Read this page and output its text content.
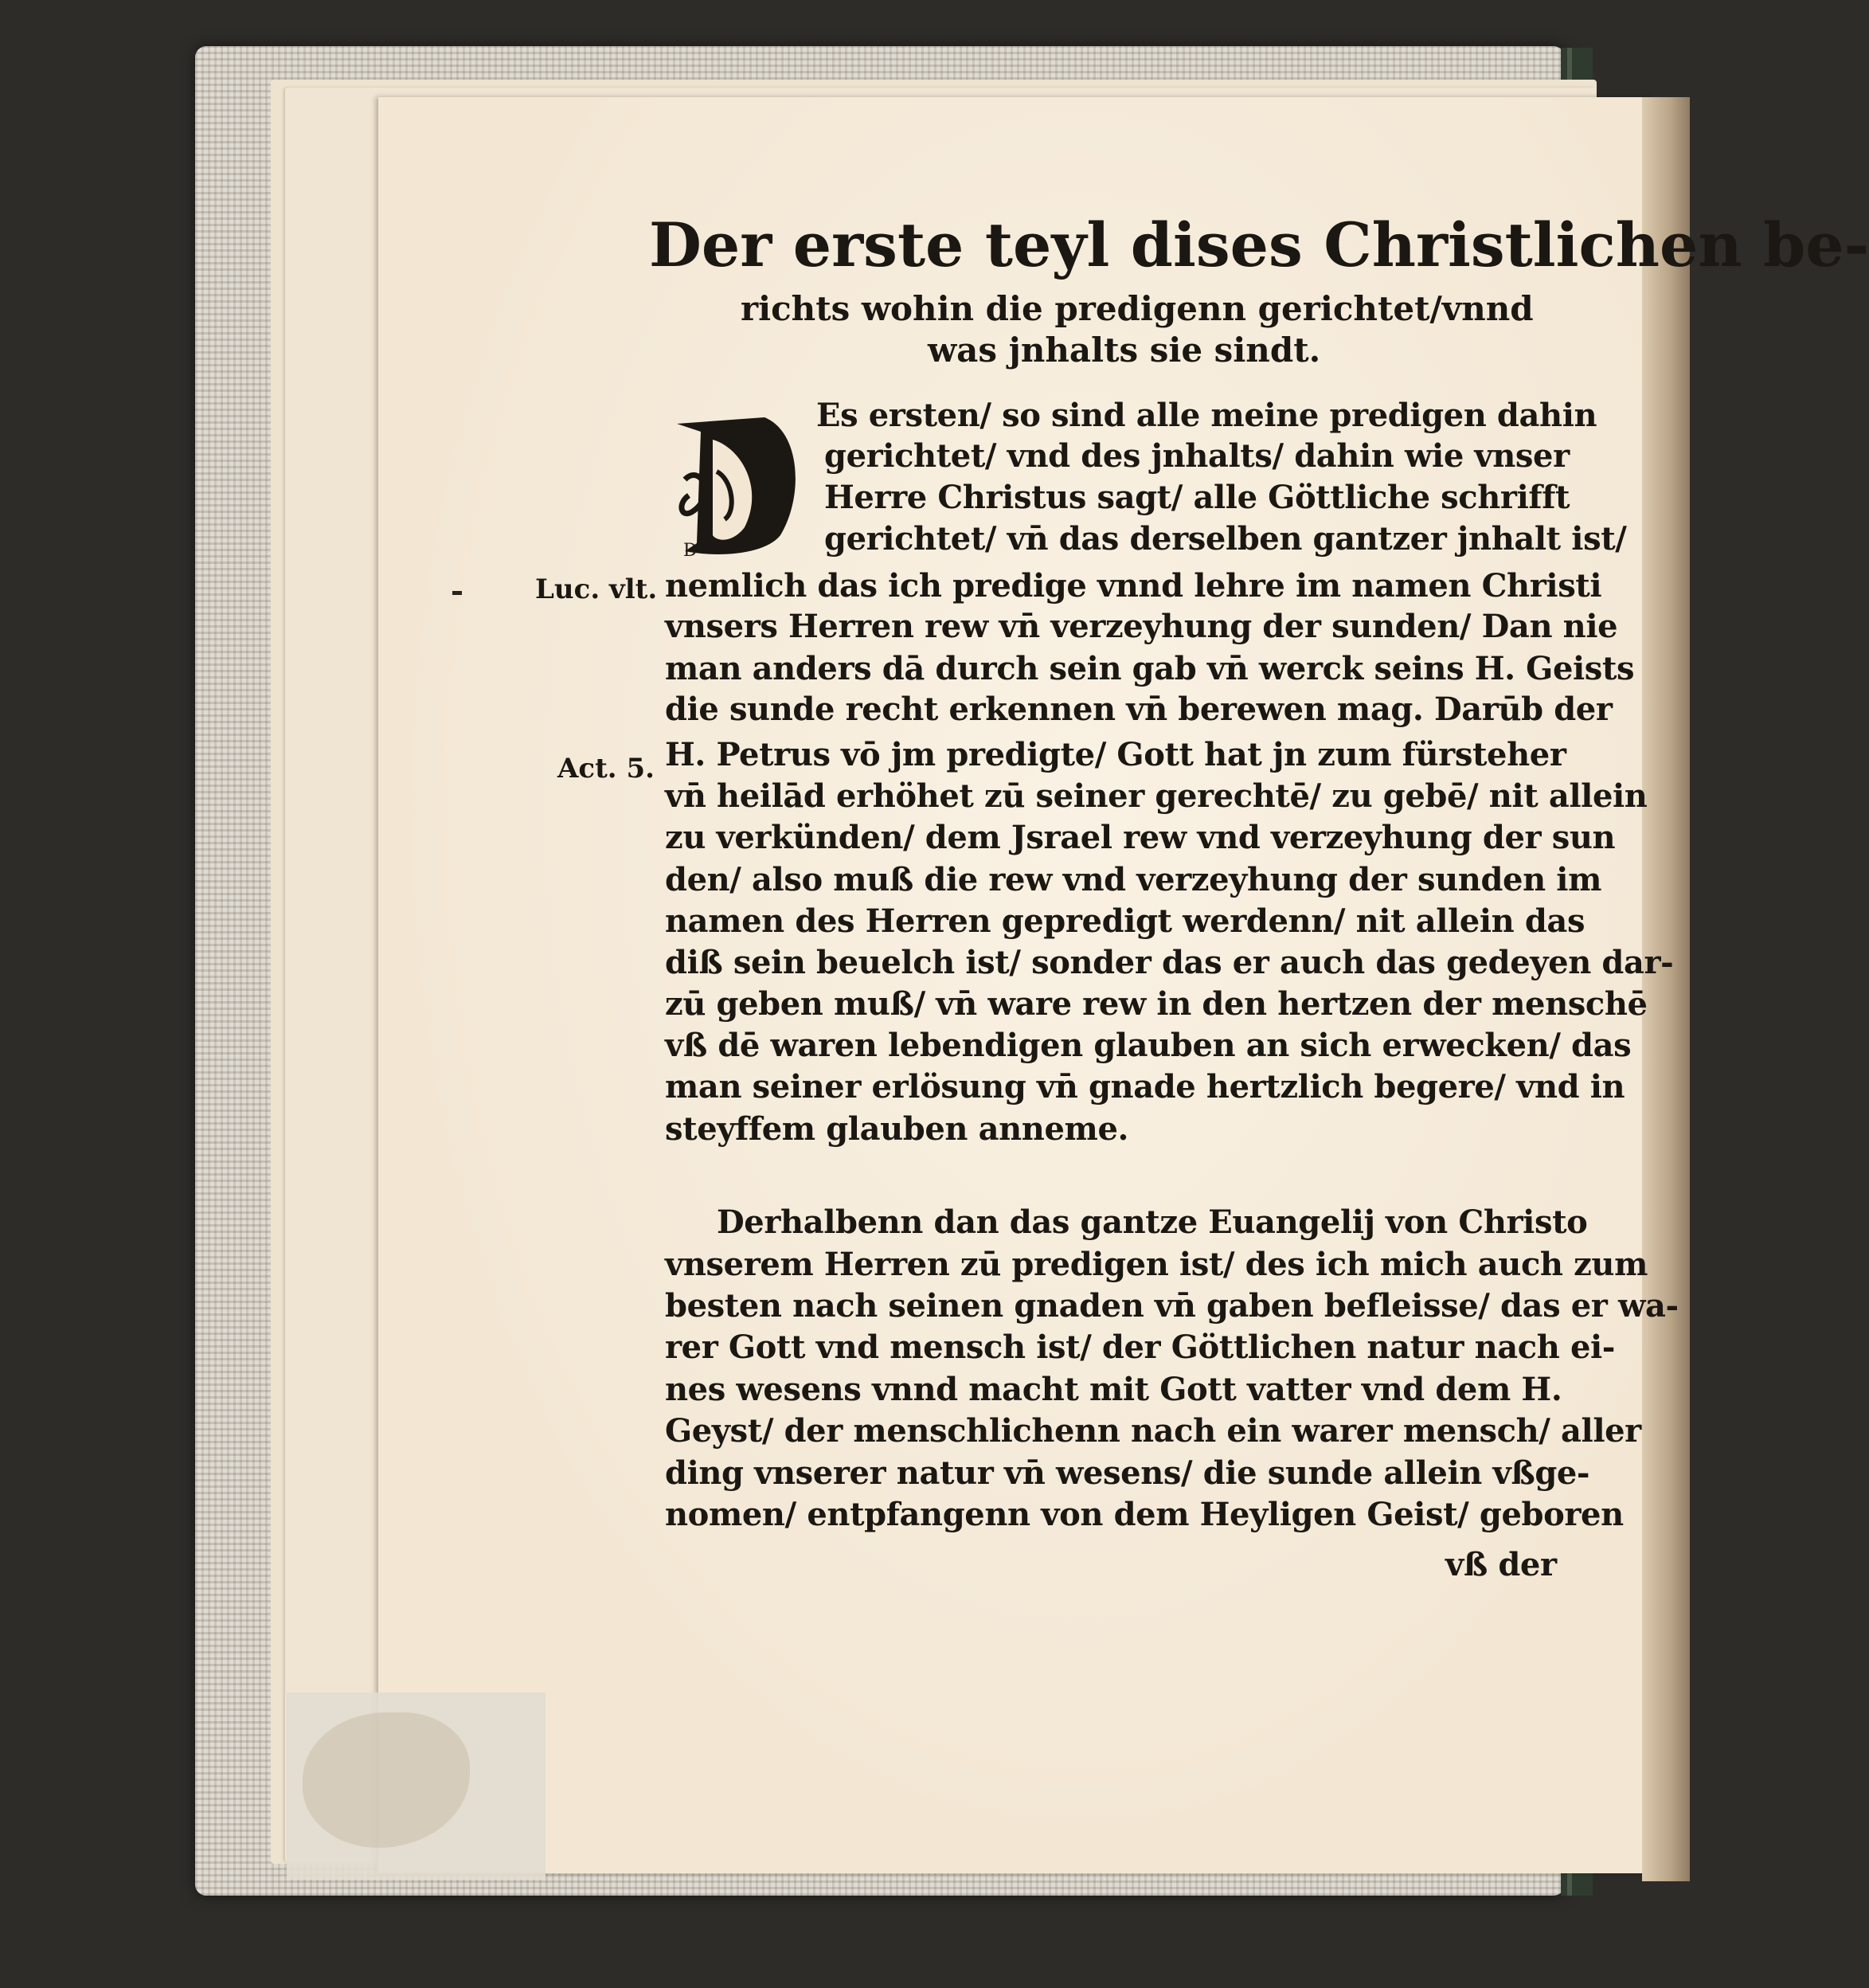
Der erste teyl dises Christlichen be-
richts wohin die predigenn gerichtet/vnnd
was jnhalts sie sindt.
D
Es ersten/ so sind alle meine predigen dahin
gerichtet/ vnd des jnhalts/ dahin wie vnser
Herre Christus sagt/ alle Göttliche schrifft
gerichtet/ vn̄ das derselben gantzer jnhalt ist/
nemlich das ich predige vnnd lehre im namen Christi
vnsers Herren rew vn̄ verzeyhung der sunden/ Dan nie
man anders dā durch sein gab vn̄ werck seins H. Geists
die sunde recht erkennen vn̄ berewen mag. Darūb der
H. Petrus vō jm predigte/ Gott hat jn zum fürsteher
vn̄ heilād erhöhet zū seiner gerechtē/ zu gebē/ nit allein
zu verkünden/ dem Jsrael rew vnd verzeyhung der sun
den/ also muß die rew vnd verzeyhung der sunden im
namen des Herren gepredigt werdenn/ nit allein das
diß sein beuelch ist/ sonder das er auch das gedeyen dar-
zū geben muß/ vn̄ ware rew in den hertzen der menschē
vß dē waren lebendigen glauben an sich erwecken/ das
man seiner erlösung vn̄ gnade hertzlich begere/ vnd in
steyffem glauben anneme.
Derhalbenn dan das gantze Euangelij von Christo
vnserem Herren zū predigen ist/ des ich mich auch zum
besten nach seinen gnaden vn̄ gaben befleisse/ das er wa-
rer Gott vnd mensch ist/ der Göttlichen natur nach ei-
nes wesens vnnd macht mit Gott vatter vnd dem H.
Geyst/ der menschlichenn nach ein warer mensch/ aller
ding vnserer natur vn̄ wesens/ die sunde allein vßge-
nomen/ entpfangenn von dem Heyligen Geist/ geboren
vß der
Luc. vlt.
Act. 5.
